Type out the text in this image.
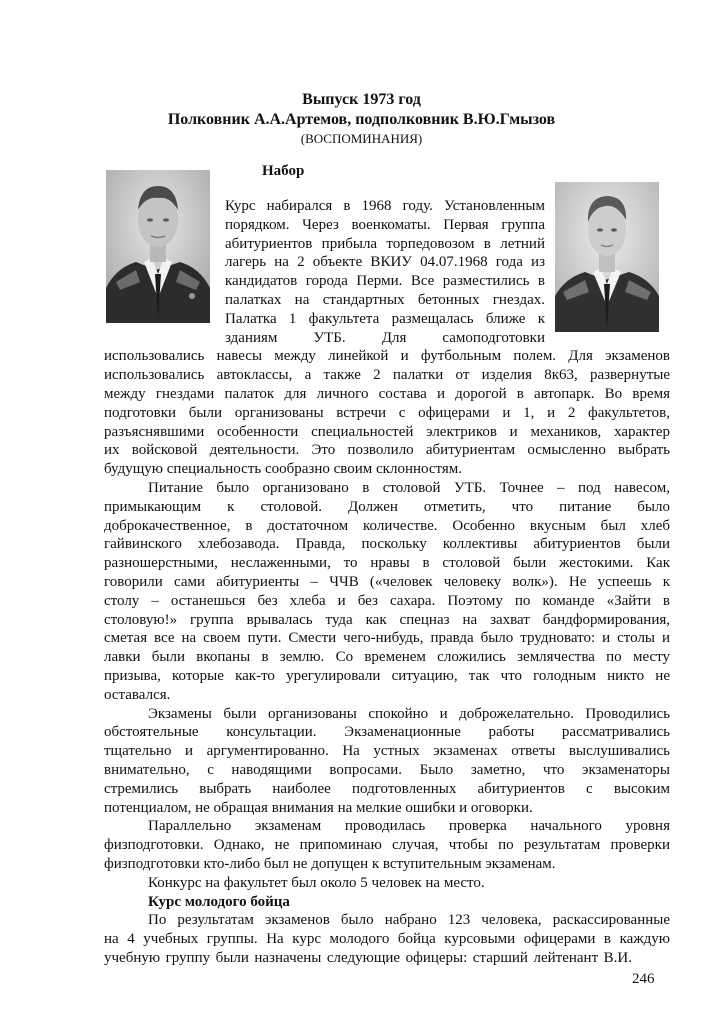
Выпуск 1973 год
Полковник А.А.Артемов, подполковник В.Ю.Гмызов
(ВОСПОМИНАНИЯ)
Набор
Курс набирался в 1968 году. Установленным
порядком. Через военкоматы. Первая группа
абитуриентов прибыла торпедовозом в летний
лагерь на 2 объекте ВКИУ 04.07.1968 года из
кандидатов города Перми. Все разместились в
палатках на стандартных бетонных гнездах.
Палатка 1 факультета размещалась ближе к
зданиям УТБ. Для самоподготовки
использовались навесы между линейкой и футбольным полем. Для экзаменов
использовались автоклассы, а также 2 палатки от изделия 8к63, развернутые
между гнездами палаток для личного состава и дорогой в автопарк. Во время
подготовки были организованы встречи с офицерами и 1, и 2 факультетов,
разъяснявшими особенности специальностей электриков и механиков, характер
их войсковой деятельности. Это позволило абитуриентам осмысленно выбрать
будущую специальность сообразно своим склонностям.
Питание было организовано в столовой УТБ. Точнее – под навесом,
примыкающим к столовой. Должен отметить, что питание было
доброкачественное, в достаточном количестве. Особенно вкусным был хлеб
гайвинского хлебозавода. Правда, поскольку коллективы абитуриентов были
разношерстными, неслаженными, то нравы в столовой были жестокими. Как
говорили сами абитуриенты – ЧЧВ («человек человеку волк»). Не успеешь к
столу – останешься без хлеба и без сахара. Поэтому по команде «Зайти в
столовую!» группа врывалась туда как спецназ на захват бандформирования,
сметая все на своем пути. Смести чего-нибудь, правда было трудновато: и столы и
лавки были вкопаны в землю. Со временем сложились землячества по месту
призыва, которые как-то урегулировали ситуацию, так что голодным никто не
оставался.
Экзамены были организованы спокойно и доброжелательно. Проводились
обстоятельные консультации. Экзаменационные работы рассматривались
тщательно и аргументированно. На устных экзаменах ответы выслушивались
внимательно, с наводящими вопросами. Было заметно, что экзаменаторы
стремились выбрать наиболее подготовленных абитуриентов с высоким
потенциалом, не обращая внимания на мелкие ошибки и оговорки.
Параллельно экзаменам проводилась проверка начального уровня
физподготовки. Однако, не припоминаю случая, чтобы по результатам проверки
физподготовки кто-либо был не допущен к вступительным экзаменам.
Конкурс на факультет был около 5 человек на место.
Курс молодого бойца
По результатам экзаменов было набрано 123 человека, раскассированные
на 4 учебных группы. На курс молодого бойца курсовыми офицерами в каждую
учебную группу были назначены следующие офицеры: старший лейтенант В.И.
246
